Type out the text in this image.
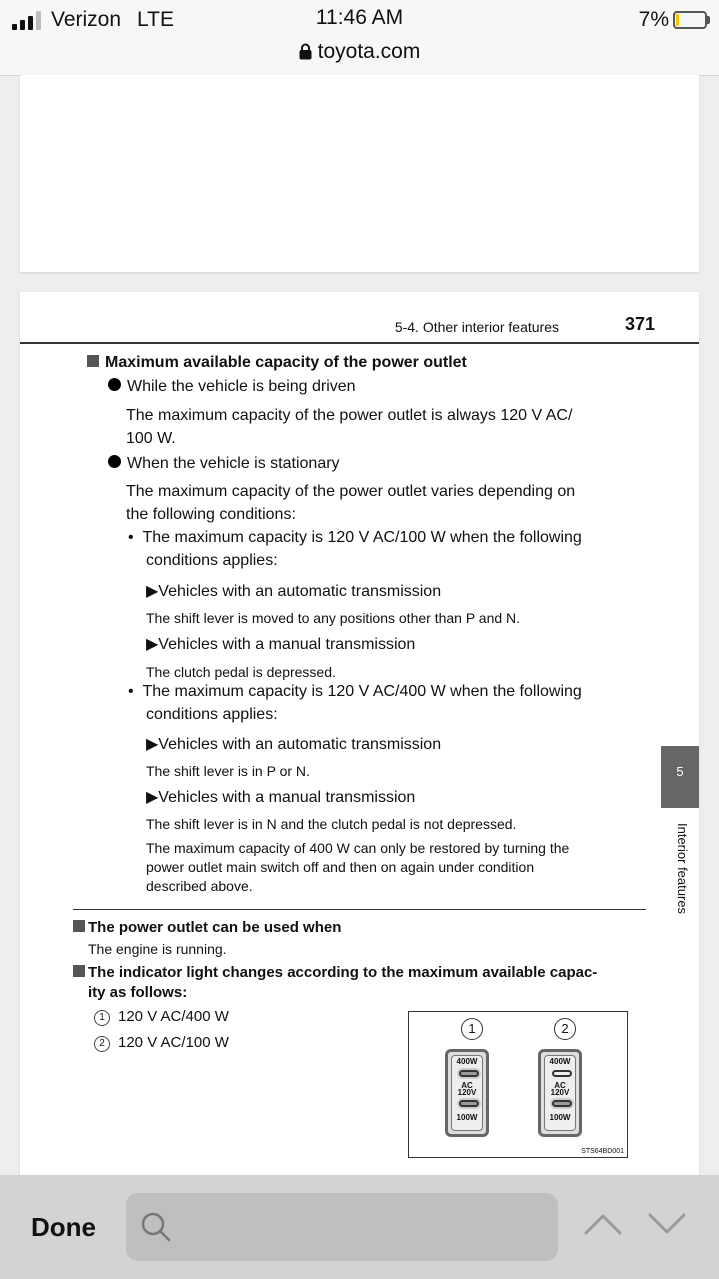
Verizon LTE	11:46 AM
toyota.com
7%
5-4. Other interior features	371
Maximum available capacity of the power outlet
While the vehicle is being driven
The maximum capacity of the power outlet is always 120 V AC/
100 W.
When the vehicle is stationary
The maximum capacity of the power outlet varies depending on
the following conditions:
•  The maximum capacity is 120 V AC/100 W when the following
conditions applies:
▶Vehicles with an automatic transmission
The shift lever is moved to any positions other than P and N.
▶Vehicles with a manual transmission
The clutch pedal is depressed.
•  The maximum capacity is 120 V AC/400 W when the following
conditions applies:
▶Vehicles with an automatic transmission
The shift lever is in P or N.
▶Vehicles with a manual transmission
The shift lever is in N and the clutch pedal is not depressed.
The maximum capacity of 400 W can only be restored by turning the
power outlet main switch off and then on again under condition
described above.
The power outlet can be used when
The engine is running.
The indicator light changes according to the maximum available capac-
ity as follows:
1 120 V AC/400 W
2 120 V AC/100 W
1	2
400W
AC
120V
100W
400W
AC
120V
100W
STS64BD001
5
Interior features
Done
